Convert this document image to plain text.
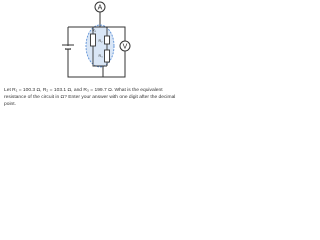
A
R₁
R₂
R₃
V

Let R₁ = 100.3 Ω, R₂ = 103.1 Ω, and R₃ = 199.7 Ω. What is the equivalent
resistance of the circuit in Ω? Enter your answer with one digit after the decimal
point.
